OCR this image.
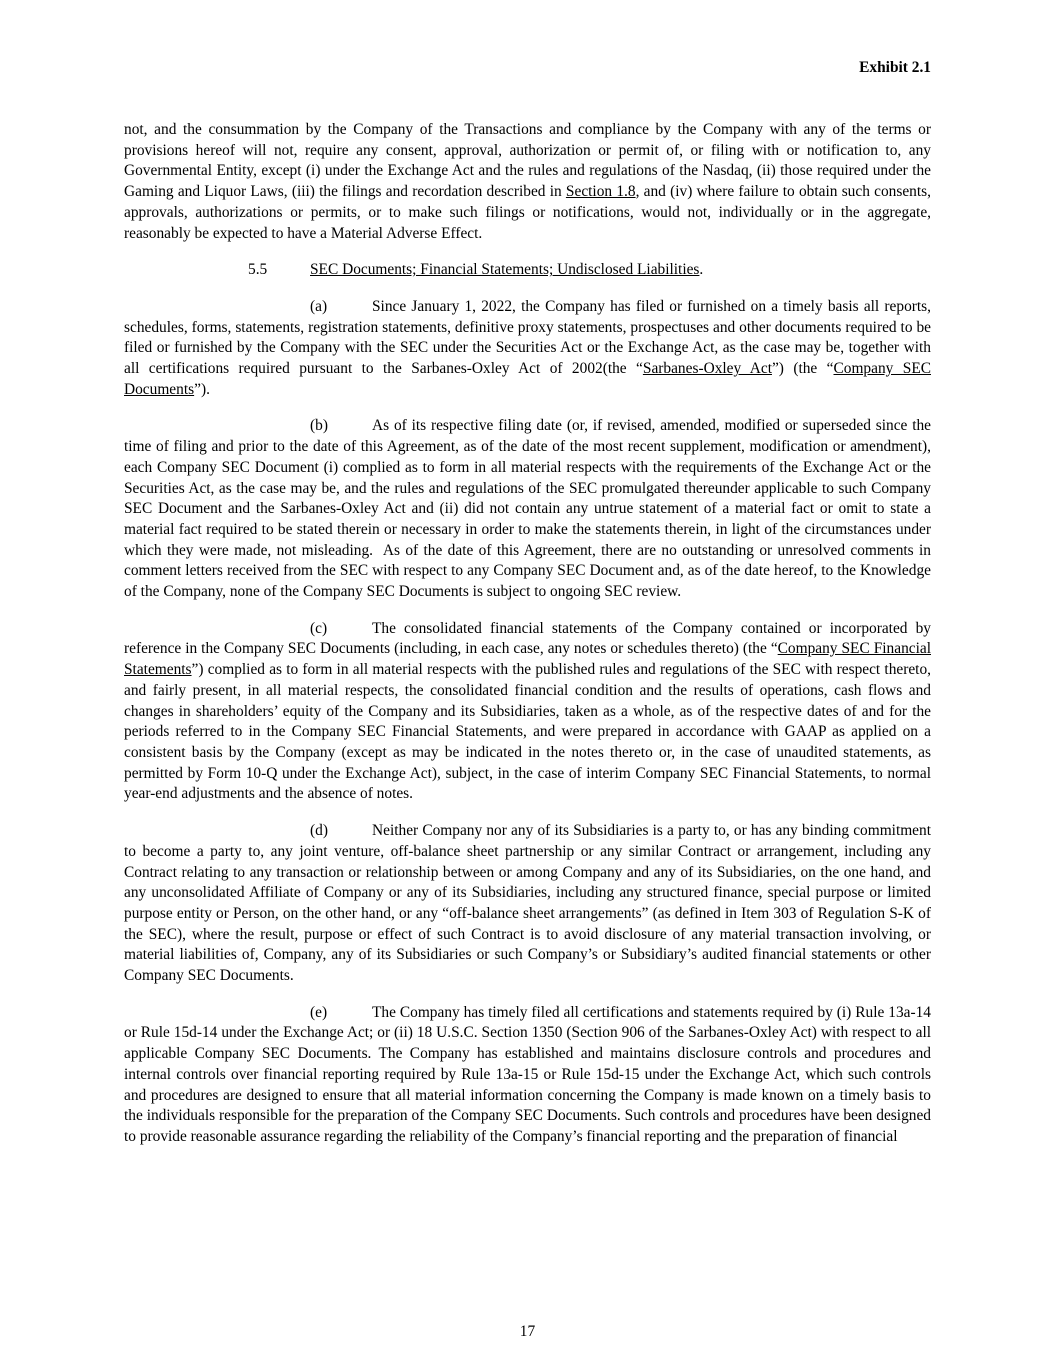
Exhibit 2.1

not, and the consummation by the Company of the Transactions and compliance by the Company with any of the terms or provisions hereof will not, require any consent, approval, authorization or permit of, or filing with or notification to, any Governmental Entity, except (i) under the Exchange Act and the rules and regulations of the Nasdaq, (ii) those required under the Gaming and Liquor Laws, (iii) the filings and recordation described in Section 1.8, and (iv) where failure to obtain such consents, approvals, authorizations or permits, or to make such filings or notifications, would not, individually or in the aggregate, reasonably be expected to have a Material Adverse Effect.

5.5	SEC Documents; Financial Statements; Undisclosed Liabilities.

(a)	Since January 1, 2022, the Company has filed or furnished on a timely basis all reports, schedules, forms, statements, registration statements, definitive proxy statements, prospectuses and other documents required to be filed or furnished by the Company with the SEC under the Securities Act or the Exchange Act, as the case may be, together with all certifications required pursuant to the Sarbanes-Oxley Act of 2002(the “Sarbanes-Oxley Act”) (the “Company SEC Documents”).

(b)	As of its respective filing date (or, if revised, amended, modified or superseded since the time of filing and prior to the date of this Agreement, as of the date of the most recent supplement, modification or amendment), each Company SEC Document (i) complied as to form in all material respects with the requirements of the Exchange Act or the Securities Act, as the case may be, and the rules and regulations of the SEC promulgated thereunder applicable to such Company SEC Document and the Sarbanes-Oxley Act and (ii) did not contain any untrue statement of a material fact or omit to state a material fact required to be stated therein or necessary in order to make the statements therein, in light of the circumstances under which they were made, not misleading.  As of the date of this Agreement, there are no outstanding or unresolved comments in comment letters received from the SEC with respect to any Company SEC Document and, as of the date hereof, to the Knowledge of the Company, none of the Company SEC Documents is subject to ongoing SEC review.

(c)	The consolidated financial statements of the Company contained or incorporated by reference in the Company SEC Documents (including, in each case, any notes or schedules thereto) (the “Company SEC Financial Statements”) complied as to form in all material respects with the published rules and regulations of the SEC with respect thereto, and fairly present, in all material respects, the consolidated financial condition and the results of operations, cash flows and changes in shareholders’ equity of the Company and its Subsidiaries, taken as a whole, as of the respective dates of and for the periods referred to in the Company SEC Financial Statements, and were prepared in accordance with GAAP as applied on a consistent basis by the Company (except as may be indicated in the notes thereto or, in the case of unaudited statements, as permitted by Form 10-Q under the Exchange Act), subject, in the case of interim Company SEC Financial Statements, to normal year-end adjustments and the absence of notes.

(d)	Neither Company nor any of its Subsidiaries is a party to, or has any binding commitment to become a party to, any joint venture, off-balance sheet partnership or any similar Contract or arrangement, including any Contract relating to any transaction or relationship between or among Company and any of its Subsidiaries, on the one hand, and any unconsolidated Affiliate of Company or any of its Subsidiaries, including any structured finance, special purpose or limited purpose entity or Person, on the other hand, or any “off-balance sheet arrangements” (as defined in Item 303 of Regulation S-K of the SEC), where the result, purpose or effect of such Contract is to avoid disclosure of any material transaction involving, or material liabilities of, Company, any of its Subsidiaries or such Company’s or Subsidiary’s audited financial statements or other Company SEC Documents.

(e)	The Company has timely filed all certifications and statements required by (i) Rule 13a-14 or Rule 15d-14 under the Exchange Act; or (ii) 18 U.S.C. Section 1350 (Section 906 of the Sarbanes-Oxley Act) with respect to all applicable Company SEC Documents. The Company has established and maintains disclosure controls and procedures and internal controls over financial reporting required by Rule 13a-15 or Rule 15d-15 under the Exchange Act, which such controls and procedures are designed to ensure that all material information concerning the Company is made known on a timely basis to the individuals responsible for the preparation of the Company SEC Documents. Such controls and procedures have been designed to provide reasonable assurance regarding the reliability of the Company’s financial reporting and the preparation of financial

17
